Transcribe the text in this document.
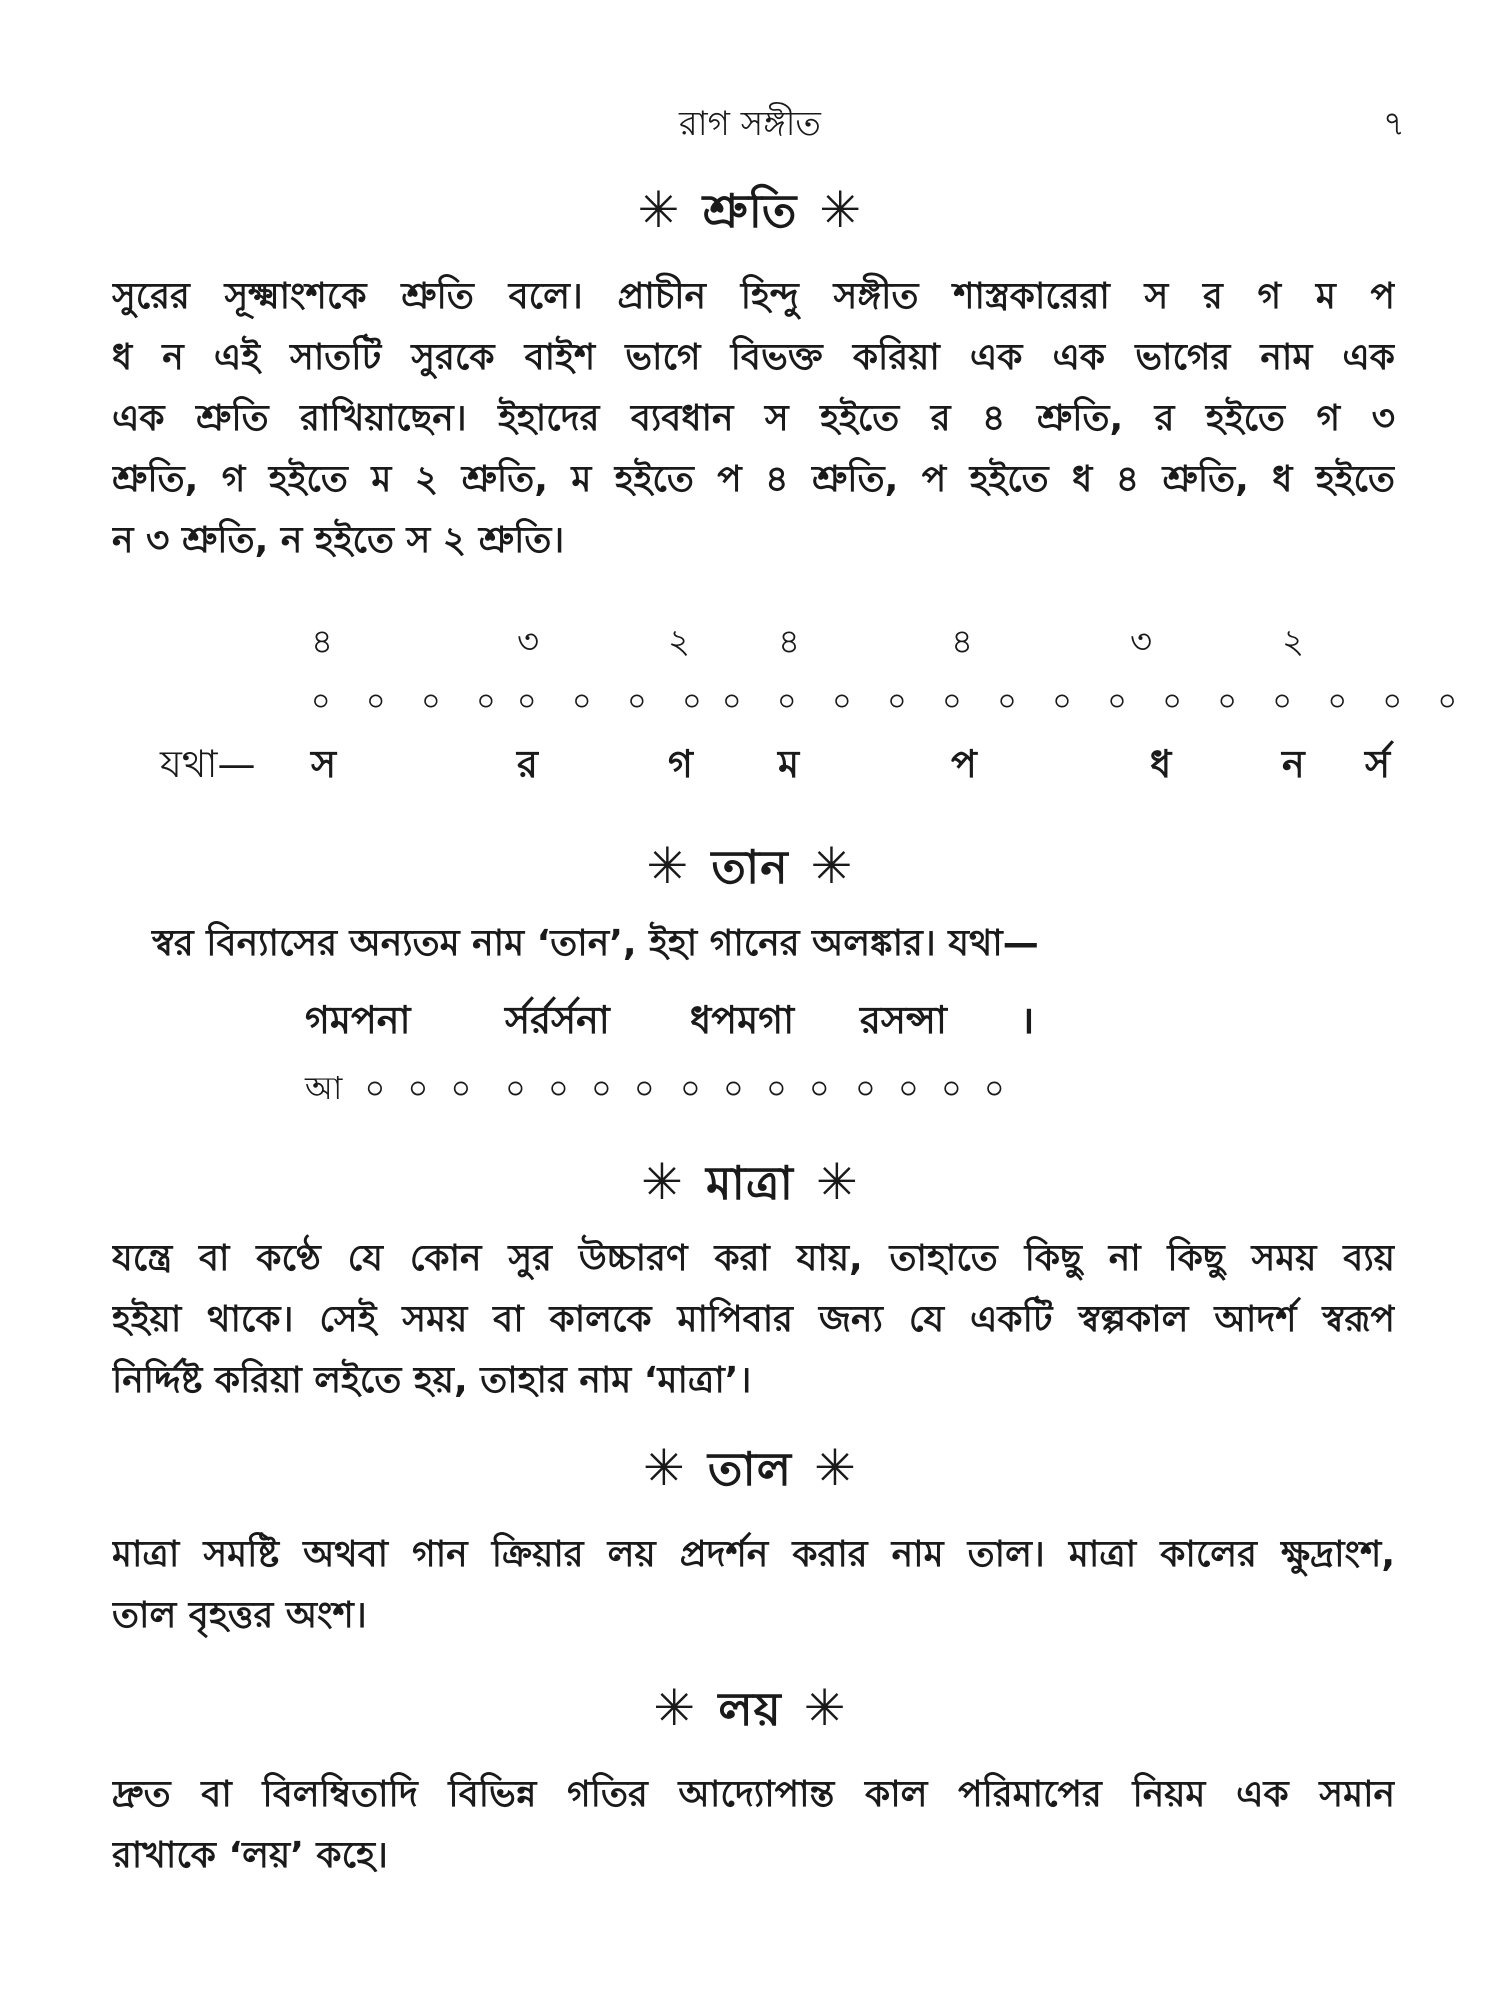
রাগ সঙ্গীত	৭
✳ শ্রুতি ✳
সুরের সূক্ষ্মাংশকে শ্রুতি বলে। প্রাচীন হিন্দু সঙ্গীত শাস্ত্রকারেরা স র গ ম প
ধ ন এই সাতটি সুরকে বাইশ ভাগে বিভক্ত করিয়া এক এক ভাগের নাম এক
এক শ্রুতি রাখিয়াছেন। ইহাদের ব্যবধান স হইতে র ৪ শ্রুতি, র হইতে গ ৩
শ্রুতি, গ হইতে ম ২ শ্রুতি, ম হইতে প ৪ শ্রুতি, প হইতে ধ ৪ শ্রুতি, ধ হইতে
ন ৩ শ্রুতি, ন হইতে স ২ শ্রুতি।
৪	৩	২	৪	৪	৩	২
০ ০ ০ ০ ০ ০ ০ ০ ০ ০ ০ ০ ০ ০ ০ ০ ০ ০ ০ ০ ০ ০
যথা— স	র	গ ম	প	ধ	ন র্স
✳ তান ✳
স্বর বিন্যাসের অন্যতম নাম ‘তান’, ইহা গানের অলঙ্কার। যথা—
গমপনা র্সর্রর্সনা ধপমগা রসন্সা ।
আ ০ ০ ০ ০ ০ ০ ০ ০ ০ ০ ০ ০ ০ ০ ০
✳ মাত্রা ✳
যন্ত্রে বা কণ্ঠে যে কোন সুর উচ্চারণ করা যায়, তাহাতে কিছু না কিছু সময় ব্যয়
হইয়া থাকে। সেই সময় বা কালকে মাপিবার জন্য যে একটি স্বল্পকাল আদর্শ স্বরূপ
নির্দ্দিষ্ট করিয়া লইতে হয়, তাহার নাম ‘মাত্রা’।
✳ তাল ✳
মাত্রা সমষ্টি অথবা গান ক্রিয়ার লয় প্রদর্শন করার নাম তাল। মাত্রা কালের ক্ষুদ্রাংশ,
তাল বৃহত্তর অংশ।
✳ লয় ✳
দ্রুত বা বিলম্বিতাদি বিভিন্ন গতির আদ্যোপান্ত কাল পরিমাপের নিয়ম এক সমান
রাখাকে ‘লয়’ কহে।
